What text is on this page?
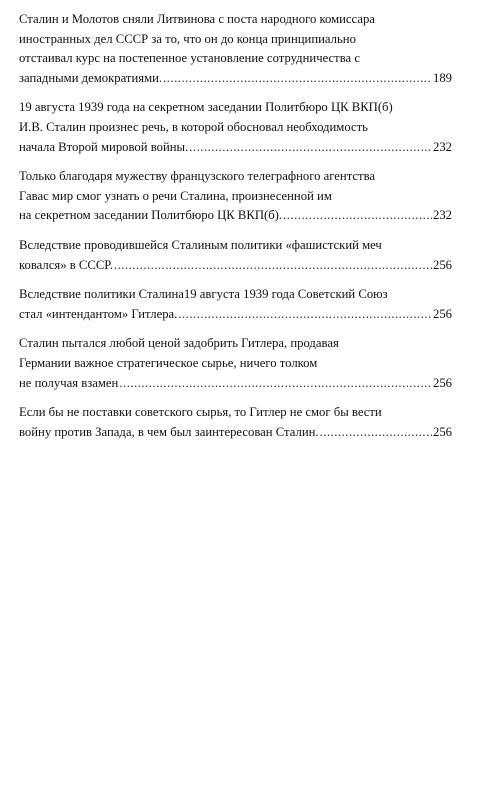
Сталин и Молотов сняли Литвинова с поста народного комиссара
иностранных дел СССР за то, что он до конца принципиально
отстаивал курс на постепенное установление сотрудничества с
западными демократиями. .....	189
19 августа 1939 года на секретном заседании Политбюро ЦК ВКП(б)
И.В. Сталин произнес речь, в которой обосновал необходимость
начала Второй мировой войны. .....	232
Только благодаря мужеству французского телеграфного агентства
Гавас мир смог узнать о речи Сталина, произнесенной им
на секретном заседании Политбюро ЦК ВКП(б). .....	232
Вследствие проводившейся Сталиным политики «фашистский меч
ковался» в СССР. .....	256
Вследствие политики Сталина19 августа 1939 года Советский Союз
стал «интендантом» Гитлера. .....	256
Сталин пытался любой ценой задобрить Гитлера, продавая
Германии важное стратегическое сырье, ничего толком
не получая взамен .....	256
Если бы не поставки советского сырья, то Гитлер не смог бы вести
войну против Запада, в чем был заинтересован Сталин. .....	256
